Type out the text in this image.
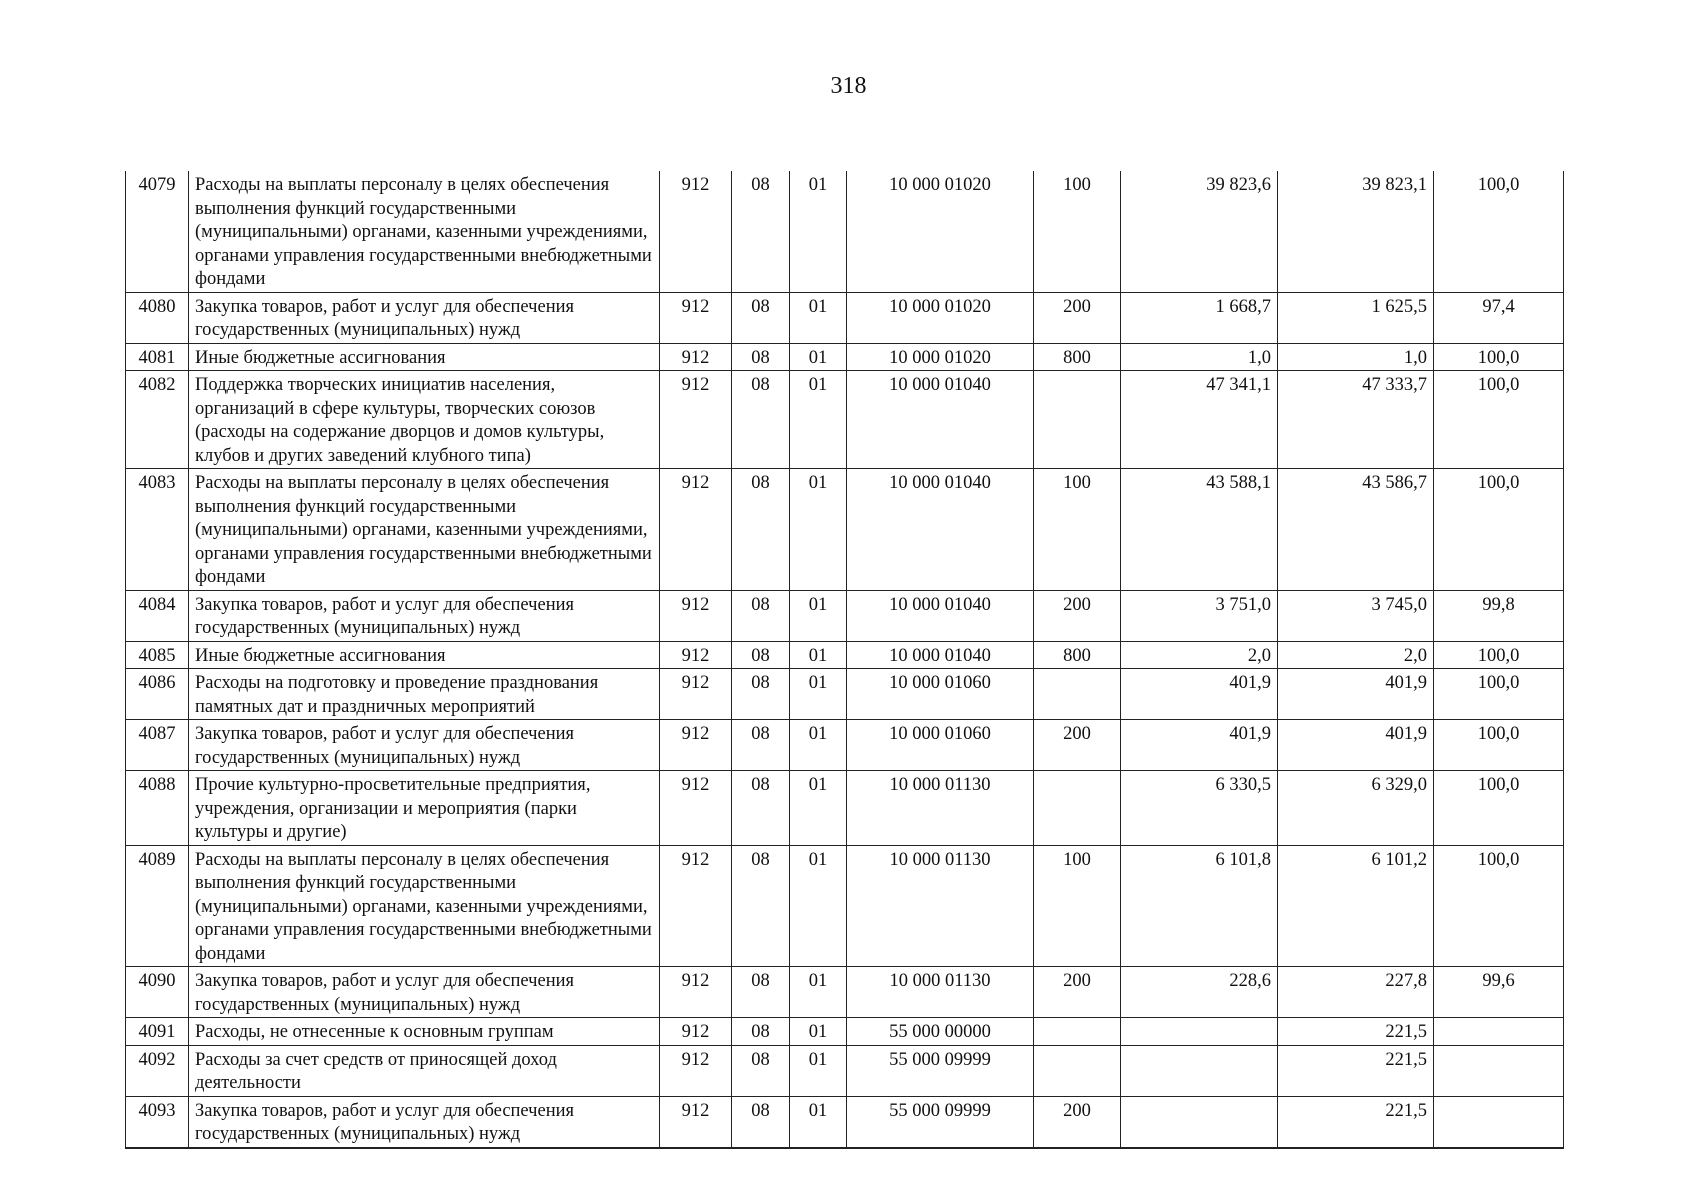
318
4079	Расходы на выплаты персоналу в целях обеспечения выполнения функций государственными (муниципальными) органами, казенными учреждениями, органами управления государственными внебюджетными фондами	912	08	01	10 000 01020	100	39 823,6	39 823,1	100,0
4080	Закупка товаров, работ и услуг для обеспечения государственных (муниципальных) нужд	912	08	01	10 000 01020	200	1 668,7	1 625,5	97,4
4081	Иные бюджетные ассигнования	912	08	01	10 000 01020	800	1,0	1,0	100,0
4082	Поддержка творческих инициатив населения, организаций в сфере культуры, творческих союзов (расходы на содержание дворцов и домов культуры, клубов и других заведений клубного типа)	912	08	01	10 000 01040		47 341,1	47 333,7	100,0
4083	Расходы на выплаты персоналу в целях обеспечения выполнения функций государственными (муниципальными) органами, казенными учреждениями, органами управления государственными внебюджетными фондами	912	08	01	10 000 01040	100	43 588,1	43 586,7	100,0
4084	Закупка товаров, работ и услуг для обеспечения государственных (муниципальных) нужд	912	08	01	10 000 01040	200	3 751,0	3 745,0	99,8
4085	Иные бюджетные ассигнования	912	08	01	10 000 01040	800	2,0	2,0	100,0
4086	Расходы на подготовку и проведение празднования памятных дат и праздничных мероприятий	912	08	01	10 000 01060		401,9	401,9	100,0
4087	Закупка товаров, работ и услуг для обеспечения государственных (муниципальных) нужд	912	08	01	10 000 01060	200	401,9	401,9	100,0
4088	Прочие культурно-просветительные предприятия, учреждения, организации и мероприятия (парки культуры и другие)	912	08	01	10 000 01130		6 330,5	6 329,0	100,0
4089	Расходы на выплаты персоналу в целях обеспечения выполнения функций государственными (муниципальными) органами, казенными учреждениями, органами управления государственными внебюджетными фондами	912	08	01	10 000 01130	100	6 101,8	6 101,2	100,0
4090	Закупка товаров, работ и услуг для обеспечения государственных (муниципальных) нужд	912	08	01	10 000 01130	200	228,6	227,8	99,6
4091	Расходы, не отнесенные к основным группам	912	08	01	55 000 00000			221,5	
4092	Расходы за счет средств от приносящей доход деятельности	912	08	01	55 000 09999			221,5	
4093	Закупка товаров, работ и услуг для обеспечения государственных (муниципальных) нужд	912	08	01	55 000 09999	200		221,5	
